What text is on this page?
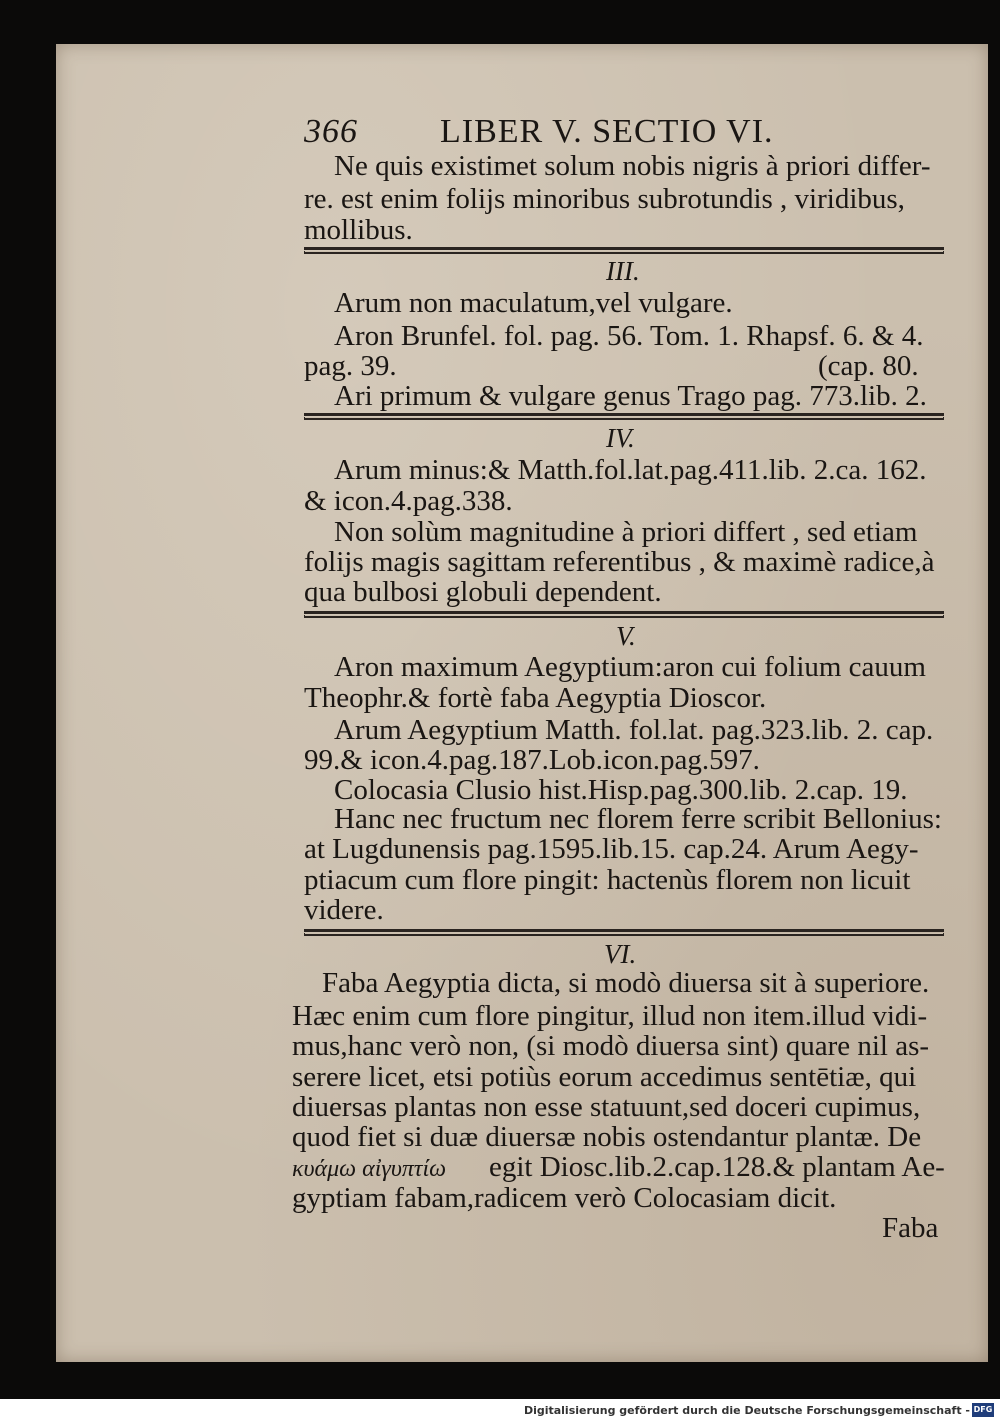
366 LIBER V. SECTIO VI.
Ne quis existimet solum nobis nigris à priori differ-
re. est enim folijs minoribus subrotundis , viridibus,
mollibus.
III.
Arum non maculatum,vel vulgare.
Aron Brunfel. fol. pag. 56. Tom. 1. Rhapsf. 6. & 4.
pag. 39.	(cap. 80.
Ari primum & vulgare genus Trago pag. 773.lib. 2.
IV.
Arum minus:& Matth.fol.lat.pag.411.lib. 2.ca. 162.
& icon.4.pag.338.
Non solùm magnitudine à priori differt , sed etiam
folijs magis sagittam referentibus , & maximè radice,à
qua bulbosi globuli dependent.
V.
Aron maximum Aegyptium:aron cui folium cauum
Theophr.& fortè faba Aegyptia Dioscor.
Arum Aegyptium Matth. fol.lat. pag.323.lib. 2. cap.
99.& icon.4.pag.187.Lob.icon.pag.597.
Colocasia Clusio hist.Hisp.pag.300.lib. 2.cap. 19.
Hanc nec fructum nec florem ferre scribit Bellonius:
at Lugdunensis pag.1595.lib.15. cap.24. Arum Aegy-
ptiacum cum flore pingit: hactenùs florem non licuit
videre.
VI.
Faba Aegyptia dicta, si modò diuersa sit à superiore.
Hæc enim cum flore pingitur, illud non item.illud vidi-
mus,hanc verò non, (si modò diuersa sint) quare nil as-
serere licet, etsi potiùs eorum accedimus sentētiæ, qui
diuersas plantas non esse statuunt,sed doceri cupimus,
quod fiet si duæ diuersæ nobis ostendantur plantæ. De
κυάμω αἰγυπτίω egit Diosc.lib.2.cap.128.& plantam Ae-
gyptiam fabam,radicem verò Colocasiam dicit.
Faba
Digitalisierung gefördert durch die Deutsche Forschungsgemeinschaft - DFG
